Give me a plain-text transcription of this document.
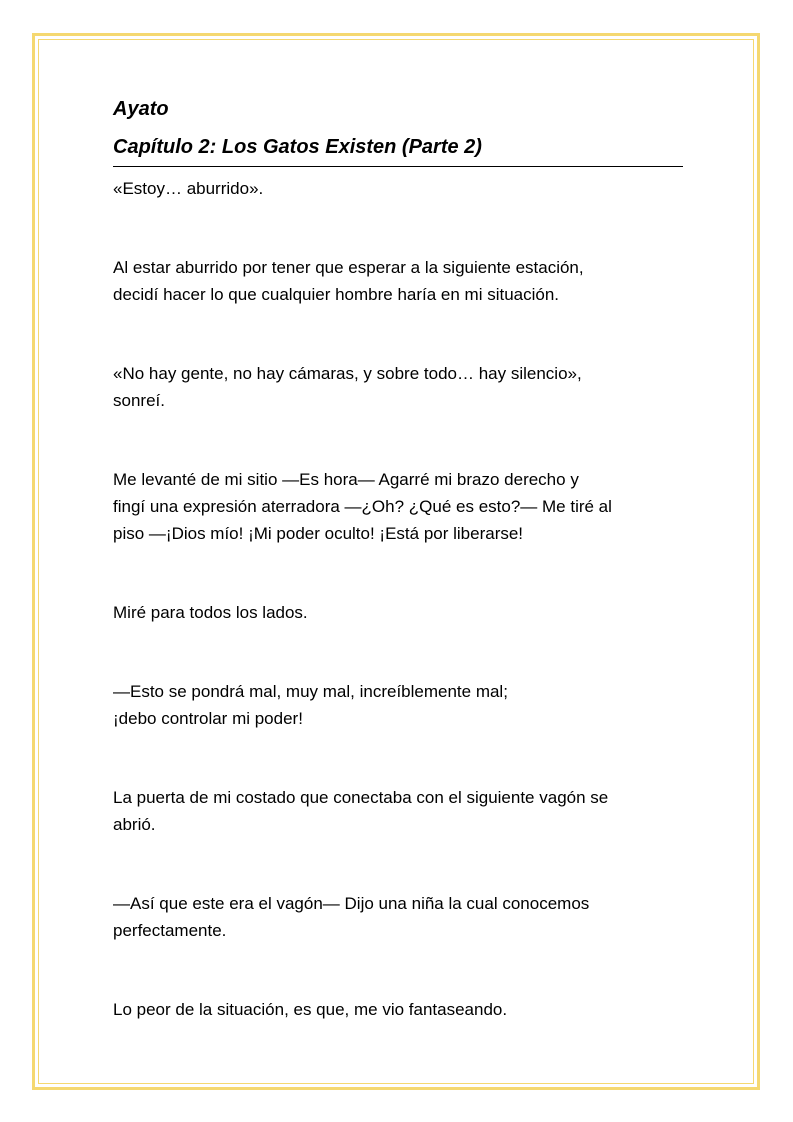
Ayato
Capítulo 2: Los Gatos Existen (Parte 2)

«Estoy… aburrido».

Al estar aburrido por tener que esperar a la siguiente estación,
decidí hacer lo que cualquier hombre haría en mi situación.

«No hay gente, no hay cámaras, y sobre todo… hay silencio»,
sonreí.

Me levanté de mi sitio —Es hora— Agarré mi brazo derecho y
fingí una expresión aterradora —¿Oh? ¿Qué es esto?— Me tiré al
piso —¡Dios mío! ¡Mi poder oculto! ¡Está por liberarse!

Miré para todos los lados.

—Esto se pondrá mal, muy mal, increíblemente mal;
¡debo controlar mi poder!

La puerta de mi costado que conectaba con el siguiente vagón se
abrió.

—Así que este era el vagón— Dijo una niña la cual conocemos
perfectamente.

Lo peor de la situación, es que, me vio fantaseando.
